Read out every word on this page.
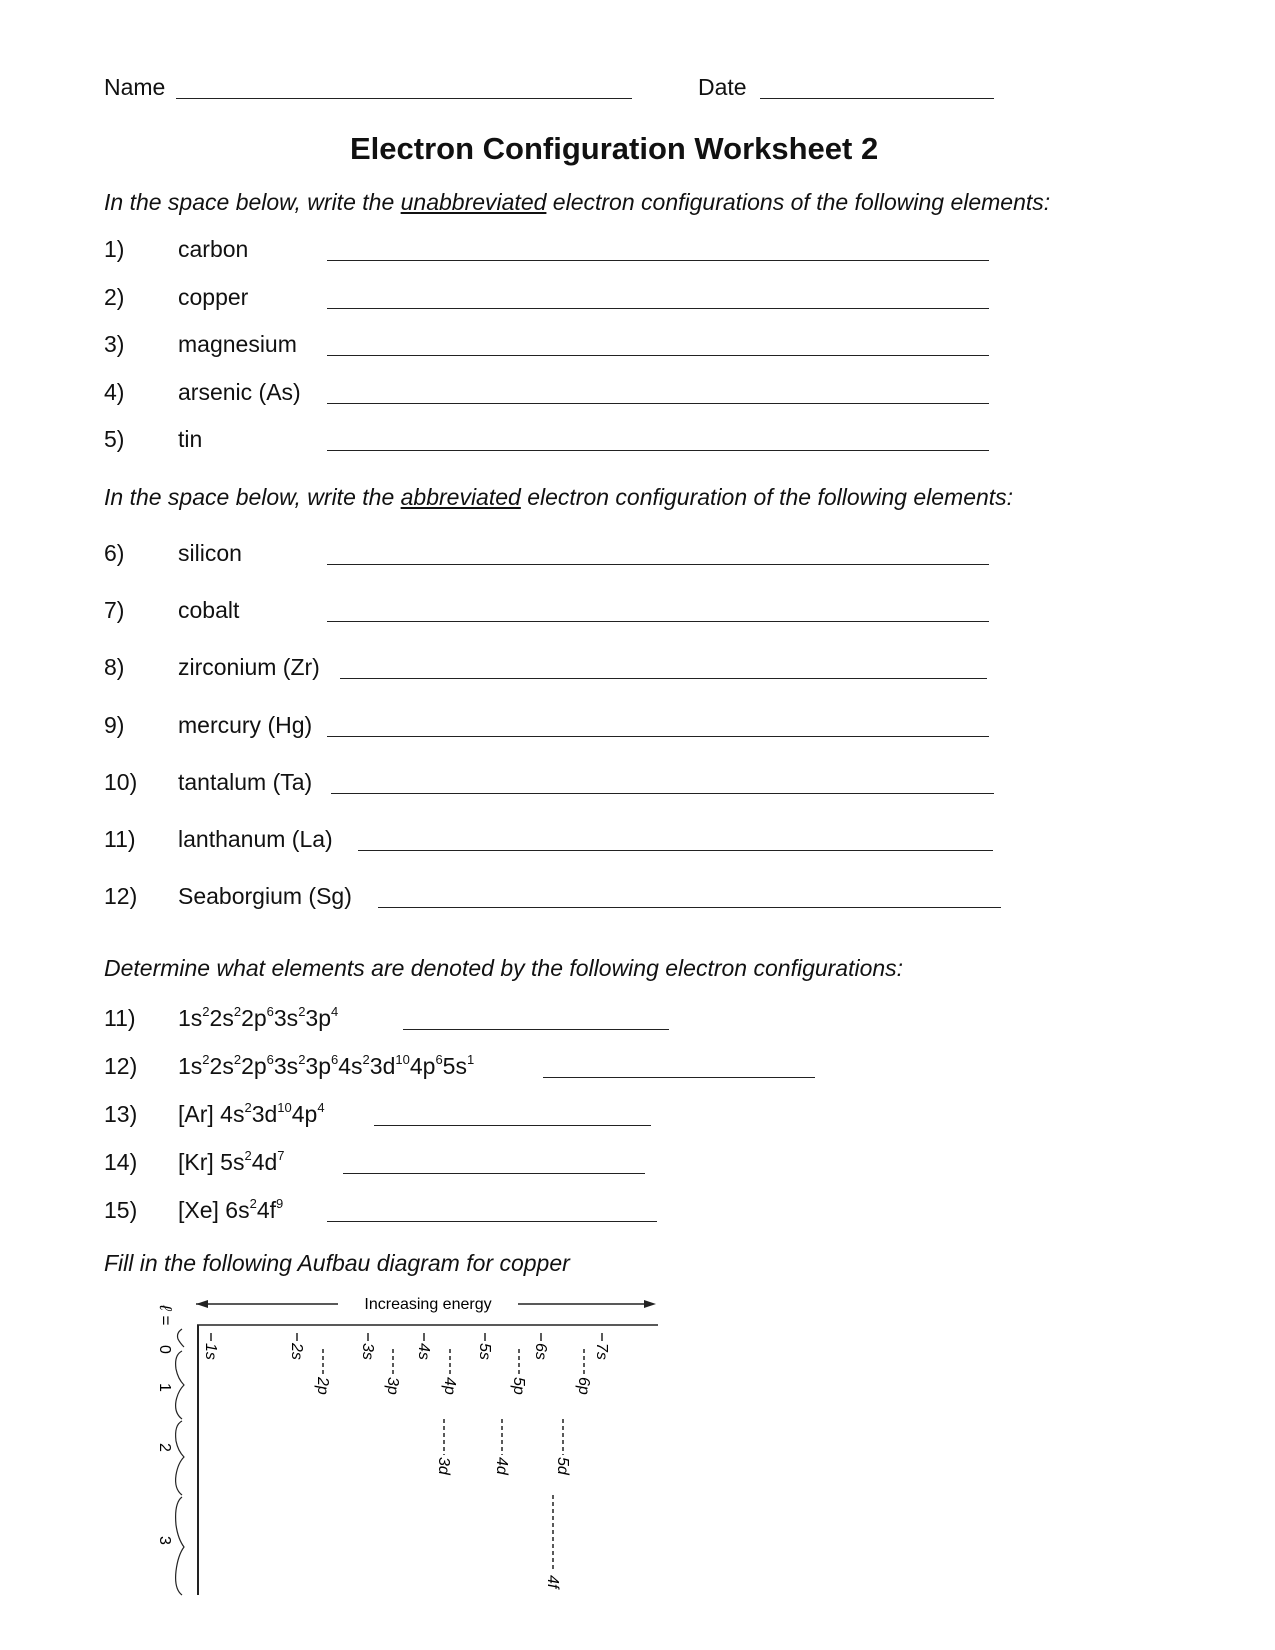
Name	Date
Electron Configuration Worksheet 2
In the space below, write the unabbreviated electron configurations of the following elements:
1) carbon
2) copper
3) magnesium
4) arsenic (As)
5) tin
In the space below, write the abbreviated electron configuration of the following elements:
6) silicon
7) cobalt
8) zirconium (Zr)
9) mercury (Hg)
10) tantalum (Ta)
11) lanthanum (La)
12) Seaborgium (Sg)
Determine what elements are denoted by the following electron configurations:
11) $1s^22s^22p^63s^23p^4$
12) $1s^22s^22p^63s^23p^64s^23d^{10}4p^65s^1$
13) [Ar] $4s^23d^{10}4p^4$
14) [Kr] $5s^24d^7$
15) [Xe] $6s^24f^9$
Fill in the following Aufbau diagram for copper
Increasing energy
ℓ =
0
1
2
3
1s	2s
2p
3s
3p
4s
3d
4p
5s
4d
5p
6s
4f
5d
6p
7s
